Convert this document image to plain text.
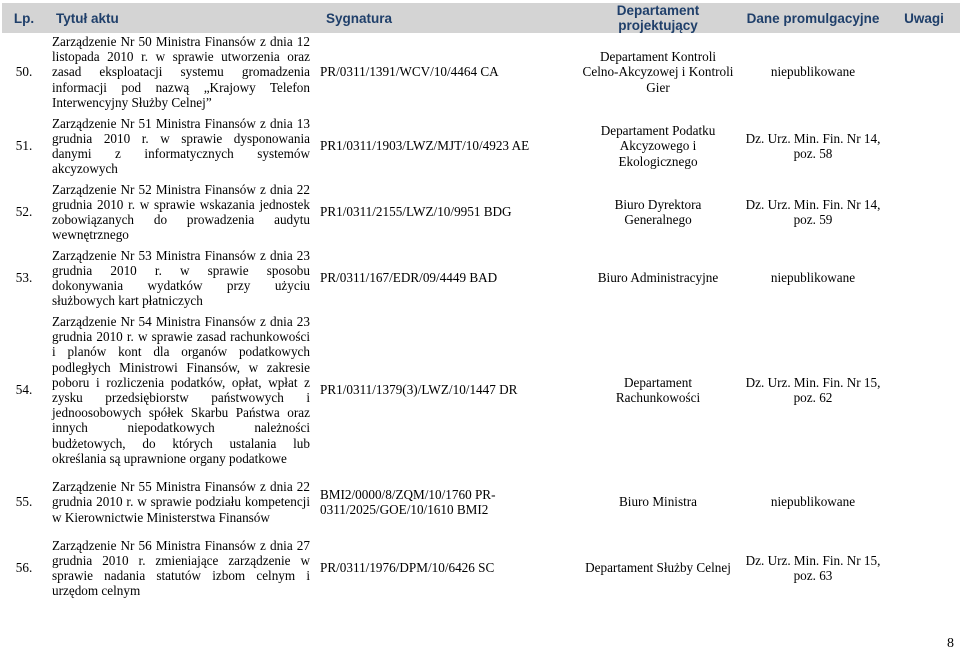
Lp.	Tytuł aktu	Sygnatura	Departament projektujący	Dane promulgacyjne	Uwagi
50.	Zarządzenie Nr 50 Ministra Finansów z dnia 12 listopada 2010 r. w sprawie utworzenia oraz zasad eksploatacji systemu gromadzenia informacji pod nazwą „Krajowy Telefon Interwencyjny Służby Celnej”	PR/0311/1391/WCV/10/4464 CA	Departament Kontroli Celno-Akcyzowej i Kontroli Gier	niepublikowane	

51.	Zarządzenie Nr 51 Ministra Finansów z dnia 13 grudnia 2010 r. w sprawie dysponowania danymi z informatycznych systemów akcyzowych	PR1/0311/1903/LWZ/MJT/10/4923 AE	Departament Podatku Akcyzowego i Ekologicznego	Dz. Urz. Min. Fin. Nr 14, poz. 58	

52.	Zarządzenie Nr 52 Ministra Finansów z dnia 22 grudnia 2010 r. w sprawie wskazania jednostek zobowiązanych do prowadzenia audytu wewnętrznego	PR1/0311/2155/LWZ/10/9951 BDG	Biuro Dyrektora Generalnego	Dz. Urz. Min. Fin. Nr 14, poz. 59	

53.	Zarządzenie Nr 53 Ministra Finansów z dnia 23 grudnia 2010 r. w sprawie sposobu dokonywania wydatków przy użyciu służbowych kart płatniczych	PR/0311/167/EDR/09/4449 BAD	Biuro Administracyjne	niepublikowane	

54.	Zarządzenie Nr 54 Ministra Finansów z dnia 23 grudnia 2010 r. w sprawie zasad rachunkowości i planów kont dla organów podatkowych podległych Ministrowi Finansów, w zakresie poboru i rozliczenia podatków, opłat, wpłat z zysku przedsiębiorstw państwowych i jednoosobowych spółek Skarbu Państwa oraz innych niepodatkowych należności budżetowych, do których ustalania lub określania są uprawnione organy podatkowe	PR1/0311/1379(3)/LWZ/10/1447 DR	Departament Rachunkowości	Dz. Urz. Min. Fin. Nr 15, poz. 62	

55.	Zarządzenie Nr 55 Ministra Finansów z dnia 22 grudnia 2010 r. w sprawie podziału kompetencji w Kierownictwie Ministerstwa Finansów	BMI2/0000/8/ZQM/10/1760 PR-0311/2025/GOE/10/1610 BMI2	Biuro Ministra	niepublikowane	

56.	Zarządzenie Nr 56 Ministra Finansów z dnia 27 grudnia 2010 r. zmieniające zarządzenie w sprawie nadania statutów izbom celnym i urzędom celnym	PR/0311/1976/DPM/10/6426 SC	Departament Służby Celnej	Dz. Urz. Min. Fin. Nr 15, poz. 63	
8
